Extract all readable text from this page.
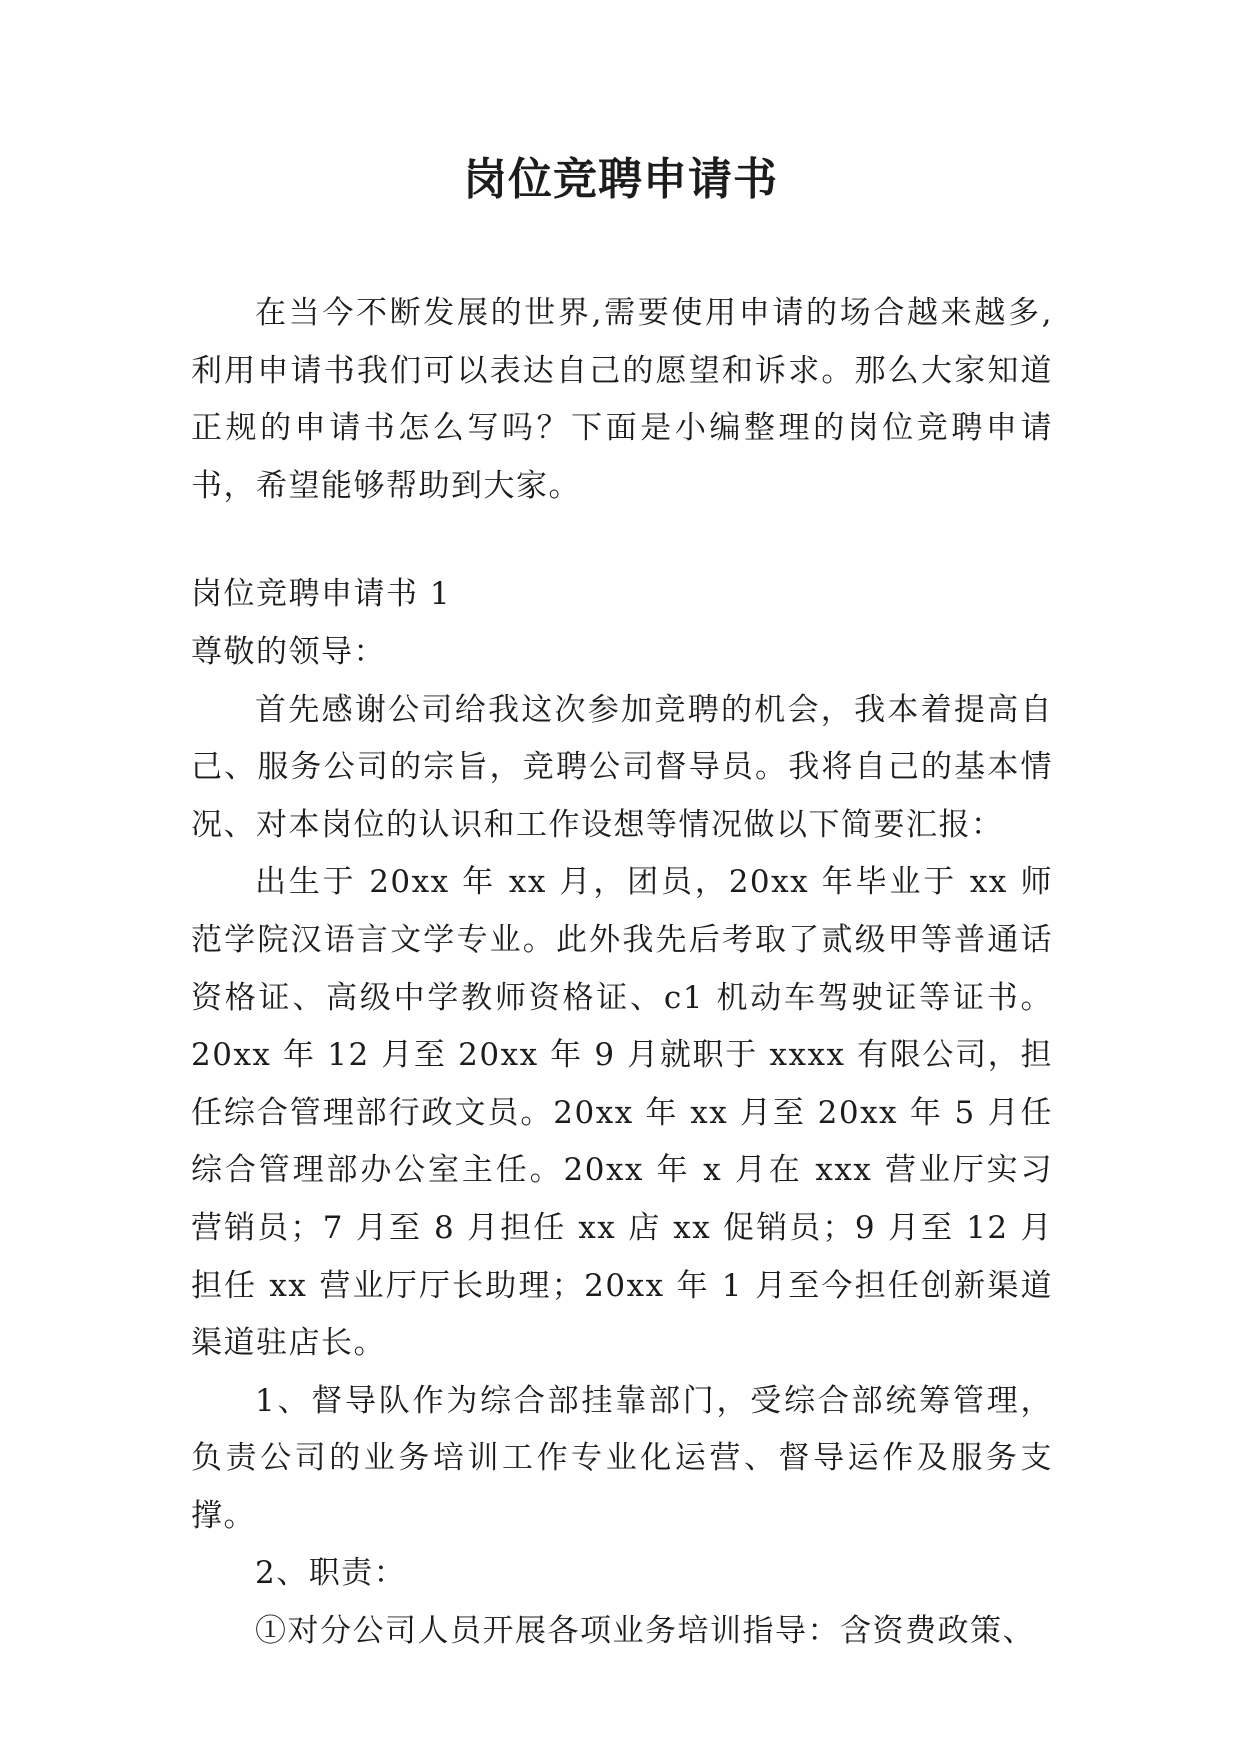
岗位竞聘申请书

在当今不断发展的世界,需要使用申请的场合越来越多,利用申请书我们可以表达自己的愿望和诉求。那么大家知道正规的申请书怎么写吗？下面是小编整理的岗位竞聘申请书，希望能够帮助到大家。

岗位竞聘申请书 1

尊敬的领导：

首先感谢公司给我这次参加竞聘的机会，我本着提高自己、服务公司的宗旨，竞聘公司督导员。我将自己的基本情况、对本岗位的认识和工作设想等情况做以下简要汇报：

出生于 20xx 年 xx 月，团员，20xx 年毕业于 xx 师范学院汉语言文学专业。此外我先后考取了贰级甲等普通话资格证、高级中学教师资格证、c1 机动车驾驶证等证书。20xx 年 12 月至 20xx 年 9 月就职于 xxxx 有限公司，担任综合管理部行政文员。20xx 年 xx 月至 20xx 年 5 月任综合管理部办公室主任。20xx 年 x 月在 xxx 营业厅实习营销员；7 月至 8 月担任 xx 店 xx 促销员；9 月至 12 月担任 xx 营业厅厅长助理；20xx 年 1 月至今担任创新渠道渠道驻店长。

1、督导队作为综合部挂靠部门，受综合部统筹管理，负责公司的业务培训工作专业化运营、督导运作及服务支撑。

2、职责：

①对分公司人员开展各项业务培训指导：含资费政策、
